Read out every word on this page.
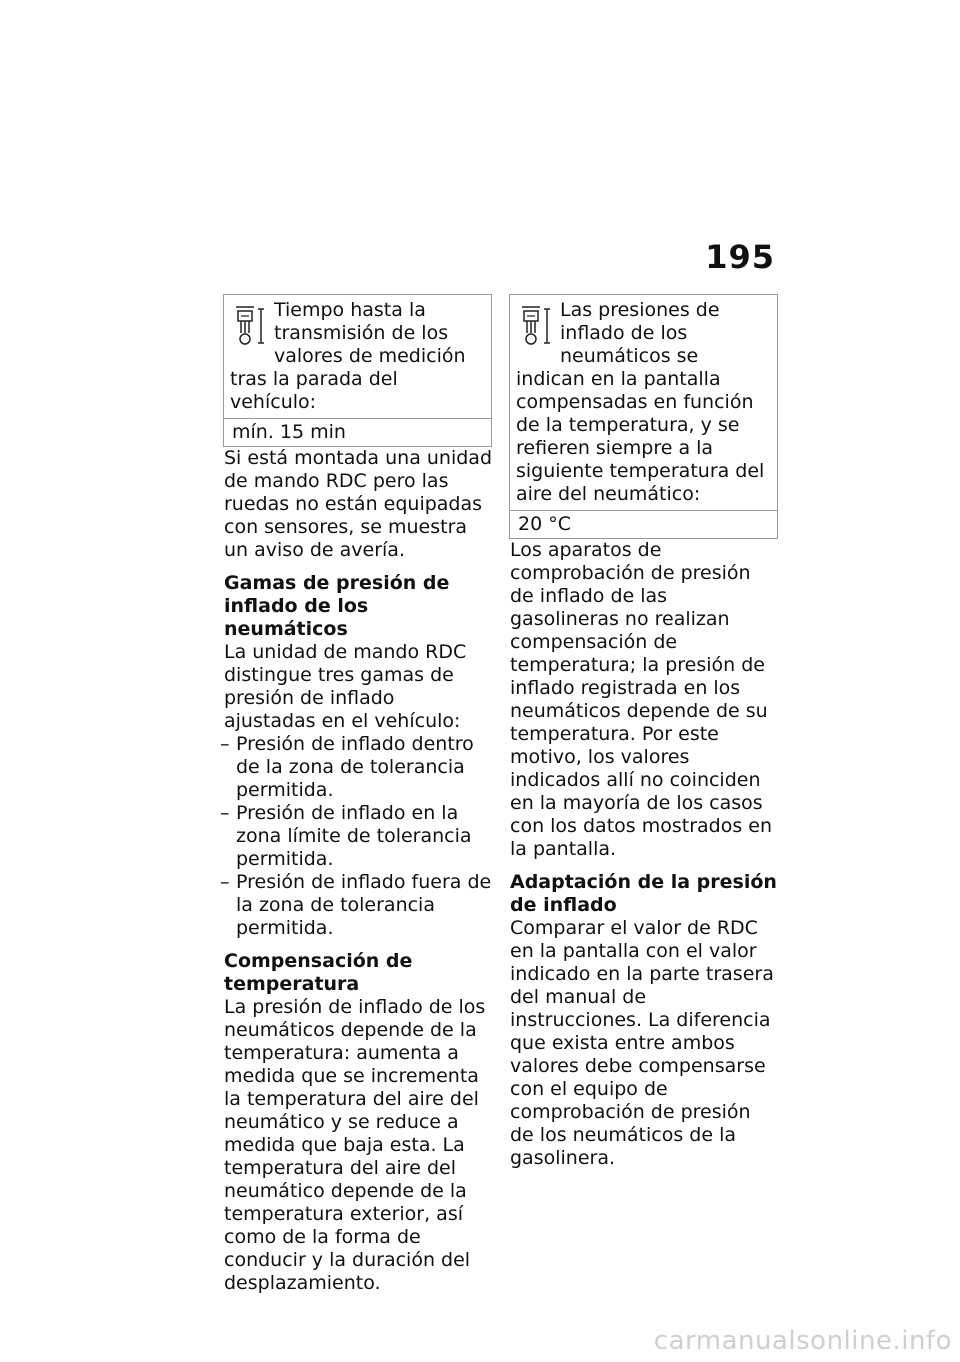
195
Tiempo hasta la transmisión de los valores de medición tras la parada del vehículo:
mín. 15 min

Si está montada una unidad de mando RDC pero las ruedas no están equipadas con sensores, se muestra un aviso de avería.

Gamas de presión de inflado de los neumáticos

La unidad de mando RDC distingue tres gamas de presión de inflado ajustadas en el vehículo:

– Presión de inflado dentro de la zona de tolerancia permitida.
– Presión de inflado en la zona límite de tolerancia permitida.
– Presión de inflado fuera de la zona de tolerancia permitida.
Compensación de temperatura

La presión de inflado de los neumáticos depende de la temperatura: aumenta a medida que se incrementa la temperatura del aire del neumático y se reduce a medida que baja esta. La temperatura del aire del neumático depende de la temperatura exterior, así como de la forma de conducir y la duración del desplazamiento.

Las presiones de inflado de los neumáticos se indican en la pantalla compensadas en función de la temperatura, y se refieren siempre a la siguiente temperatura del aire del neumático:
20 °C

Los aparatos de comprobación de presión de inflado de las gasolineras no realizan compensación de temperatura; la presión de inflado registrada en los neumáticos depende de su temperatura. Por este motivo, los valores indicados allí no coinciden en la mayoría de los casos con los datos mostrados en la pantalla.

Adaptación de la presión de inflado

Comparar el valor de RDC en la pantalla con el valor indicado en la parte trasera del manual de instrucciones. La diferencia que exista entre ambos valores debe compensarse con el equipo de comprobación de presión de los neumáticos de la gasolinera.

carmanualsonline.info
